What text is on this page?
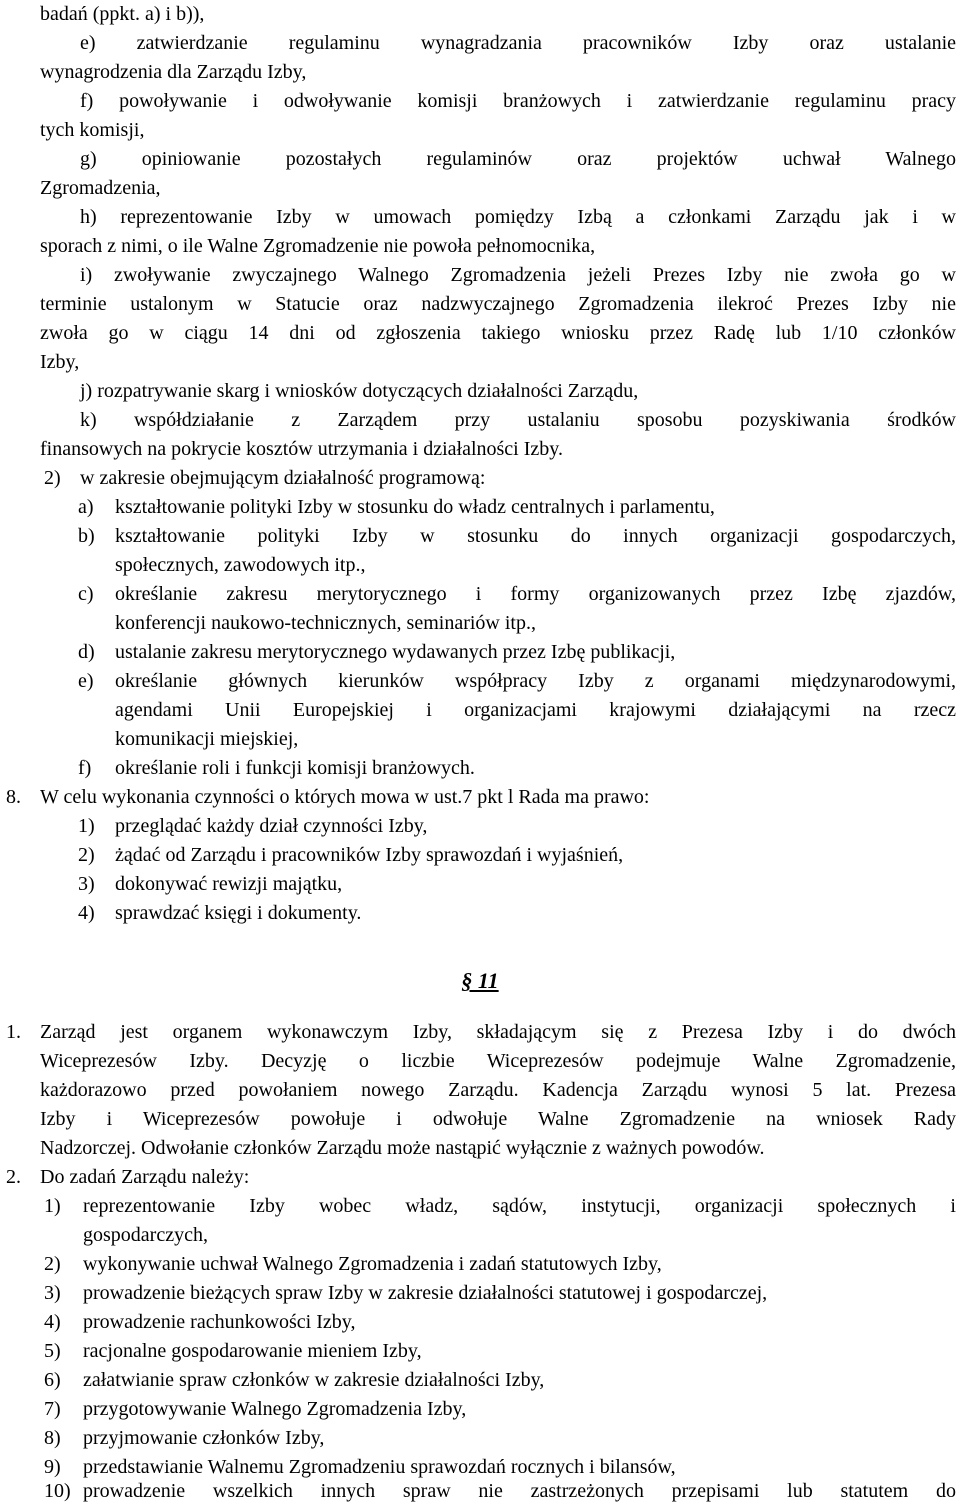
badań (ppkt. a) i b)),
e) zatwierdzanie regulaminu wynagradzania pracowników Izby oraz ustalanie
wynagrodzenia dla Zarządu Izby,
f) powoływanie i odwoływanie komisji branżowych i zatwierdzanie regulaminu pracy
tych komisji,
g) opiniowanie pozostałych regulaminów oraz projektów uchwał Walnego
Zgromadzenia,
h) reprezentowanie Izby w umowach pomiędzy Izbą a członkami Zarządu jak i w
sporach z nimi, o ile Walne Zgromadzenie nie powoła pełnomocnika,
i) zwoływanie zwyczajnego Walnego Zgromadzenia jeżeli Prezes Izby nie zwoła go w
terminie ustalonym w Statucie oraz nadzwyczajnego Zgromadzenia ilekroć Prezes Izby nie
zwoła go w ciągu 14 dni od zgłoszenia takiego wniosku przez Radę lub 1/10 członków
Izby,
j) rozpatrywanie skarg i wniosków dotyczących działalności Zarządu,
k) współdziałanie z Zarządem przy ustalaniu sposobu pozyskiwania środków
finansowych na pokrycie kosztów utrzymania i działalności Izby.
2) w zakresie obejmującym działalność programową:
a) kształtowanie polityki Izby w stosunku do władz centralnych i parlamentu,
b) kształtowanie polityki Izby w stosunku do innych organizacji gospodarczych,
społecznych, zawodowych itp.,
c) określanie zakresu merytorycznego i formy organizowanych przez Izbę zjazdów,
konferencji naukowo-technicznych, seminariów itp.,
d) ustalanie zakresu merytorycznego wydawanych przez Izbę publikacji,
e) określanie głównych kierunków współpracy Izby z organami międzynarodowymi,
agendami Unii Europejskiej i organizacjami krajowymi działającymi na rzecz
komunikacji miejskiej,
f) określanie roli i funkcji komisji branżowych.
8. W celu wykonania czynności o których mowa w ust.7 pkt l Rada ma prawo:
1) przeglądać każdy dział czynności Izby,
2) żądać od Zarządu i pracowników Izby sprawozdań i wyjaśnień,
3) dokonywać rewizji majątku,
4) sprawdzać księgi i dokumenty.
§ 11
1. Zarząd jest organem wykonawczym Izby, składającym się z Prezesa Izby i do dwóch
Wiceprezesów Izby. Decyzję o liczbie Wiceprezesów podejmuje Walne Zgromadzenie,
każdorazowo przed powołaniem nowego Zarządu. Kadencja Zarządu wynosi 5 lat. Prezesa
Izby i Wiceprezesów powołuje i odwołuje Walne Zgromadzenie na wniosek Rady
Nadzorczej. Odwołanie członków Zarządu może nastąpić wyłącznie z ważnych powodów.
2. Do zadań Zarządu należy:
1) reprezentowanie Izby wobec władz, sądów, instytucji, organizacji społecznych i
gospodarczych,
2) wykonywanie uchwał Walnego Zgromadzenia i zadań statutowych Izby,
3) prowadzenie bieżących spraw Izby w zakresie działalności statutowej i gospodarczej,
4) prowadzenie rachunkowości Izby,
5) racjonalne gospodarowanie mieniem Izby,
6) załatwianie spraw członków w zakresie działalności Izby,
7) przygotowywanie Walnego Zgromadzenia Izby,
8) przyjmowanie członków Izby,
9) przedstawianie Walnemu Zgromadzeniu sprawozdań rocznych i bilansów,
10) prowadzenie wszelkich innych spraw nie zastrzeżonych przepisami lub statutem do
